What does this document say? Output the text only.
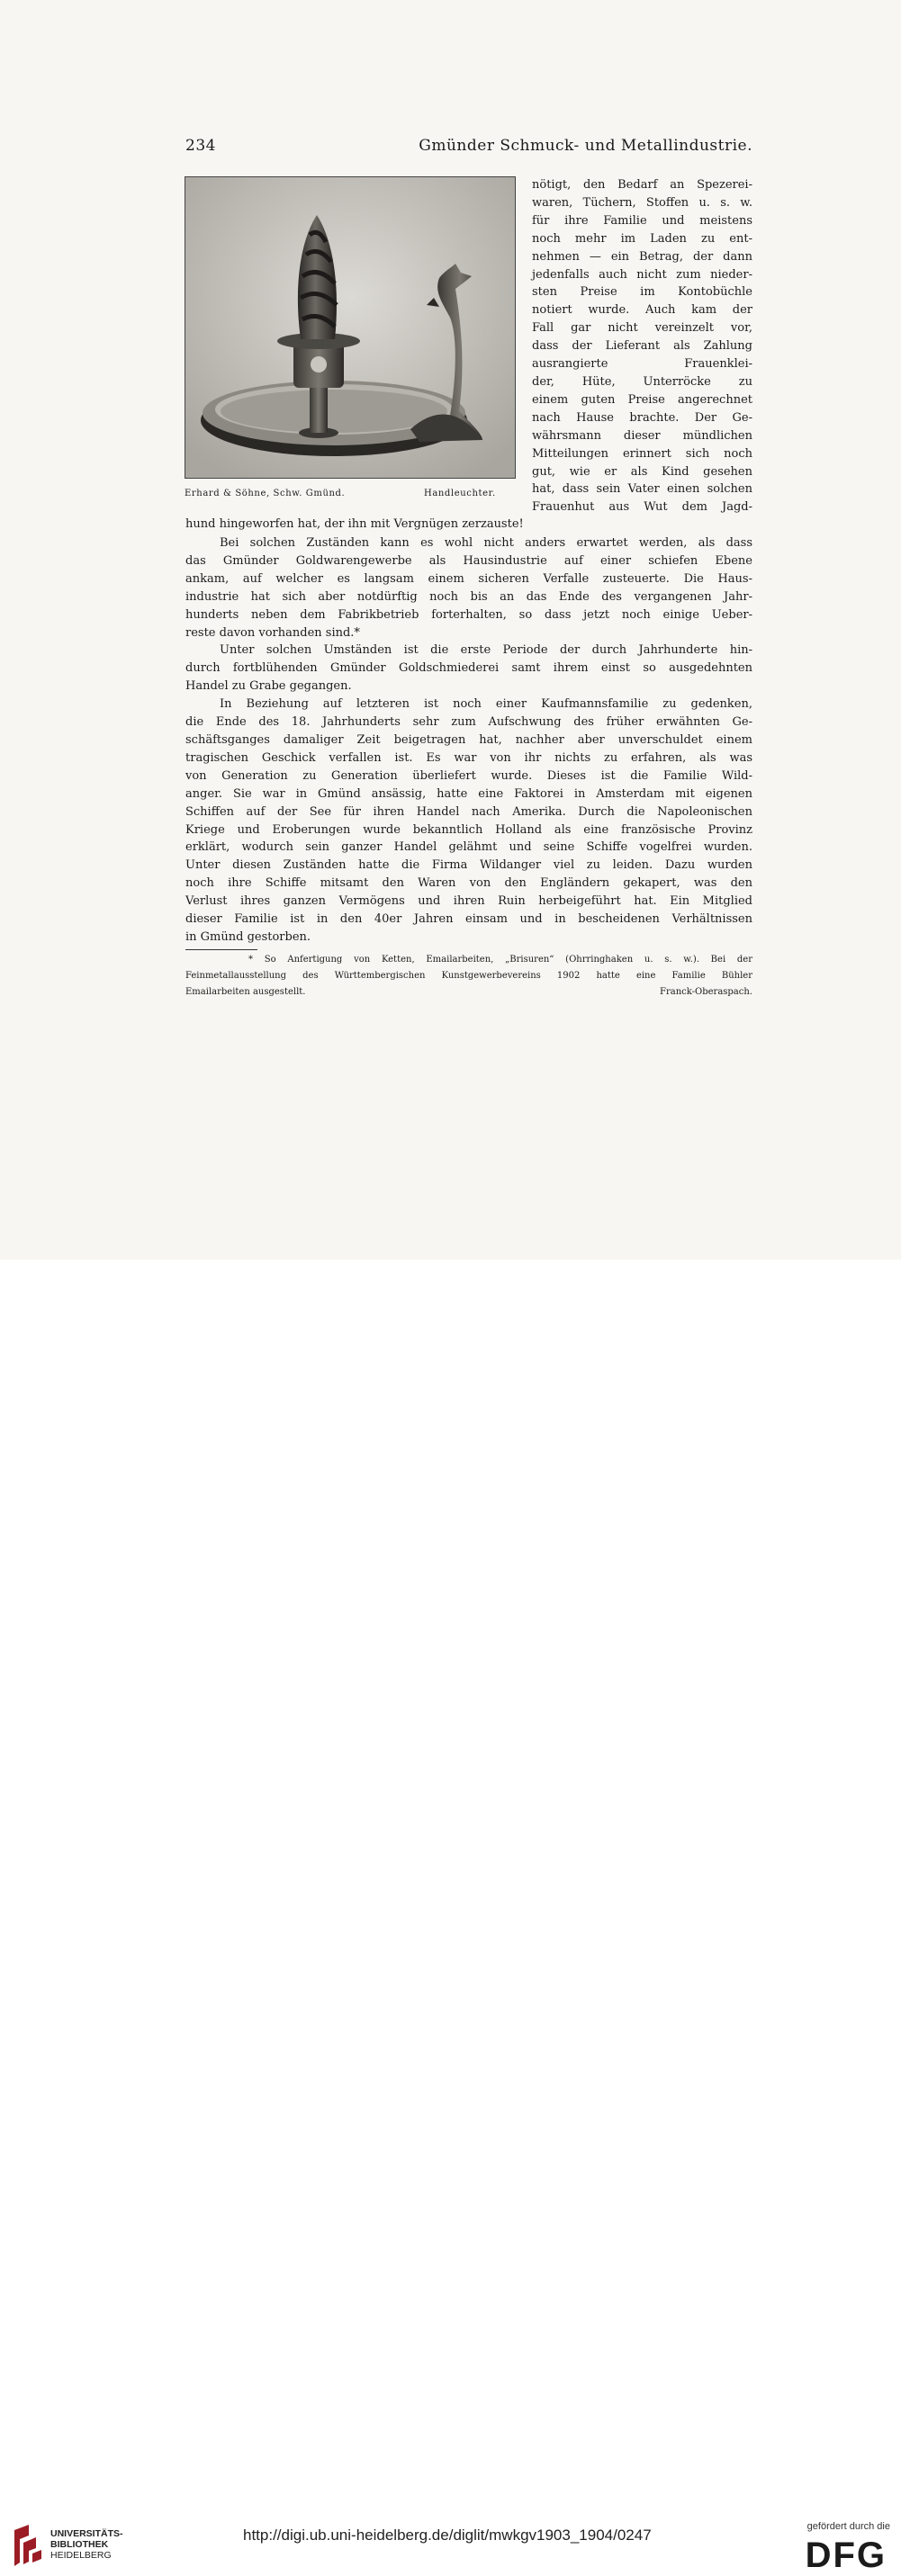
234	Gmünder Schmuck- und Metallindustrie.
Erhard & Söhne, Schw. Gmünd.	Handleuchter.
nötigt, den Bedarf an Spezerei-
waren, Tüchern, Stoffen u. s. w.
für ihre Familie und meistens
noch mehr im Laden zu ent-
nehmen — ein Betrag, der dann
jedenfalls auch nicht zum nieder-
sten Preise im Kontobüchle
notiert wurde. Auch kam der
Fall gar nicht vereinzelt vor,
dass der Lieferant als Zahlung
ausrangierte Frauenklei-
der, Hüte, Unterröcke zu
einem guten Preise angerechnet
nach Hause brachte. Der Ge-
währsmann dieser mündlichen
Mitteilungen erinnert sich noch
gut, wie er als Kind gesehen
hat, dass sein Vater einen solchen
Frauenhut aus Wut dem Jagd-
hund hingeworfen hat, der ihn mit Vergnügen zerzauste!
Bei solchen Zuständen kann es wohl nicht anders erwartet werden, als dass
das Gmünder Goldwarengewerbe als Hausindustrie auf einer schiefen Ebene
ankam, auf welcher es langsam einem sicheren Verfalle zusteuerte. Die Haus-
industrie hat sich aber notdürftig noch bis an das Ende des vergangenen Jahr-
hunderts neben dem Fabrikbetrieb forterhalten, so dass jetzt noch einige Ueber-
reste davon vorhanden sind.*
Unter solchen Umständen ist die erste Periode der durch Jahrhunderte hin-
durch fortblühenden Gmünder Goldschmiederei samt ihrem einst so ausgedehnten
Handel zu Grabe gegangen.
In Beziehung auf letzteren ist noch einer Kaufmannsfamilie zu gedenken,
die Ende des 18. Jahrhunderts sehr zum Aufschwung des früher erwähnten Ge-
schäftsganges damaliger Zeit beigetragen hat, nachher aber unverschuldet einem
tragischen Geschick verfallen ist. Es war von ihr nichts zu erfahren, als was
von Generation zu Generation überliefert wurde. Dieses ist die Familie Wild-
anger. Sie war in Gmünd ansässig, hatte eine Faktorei in Amsterdam mit eigenen
Schiffen auf der See für ihren Handel nach Amerika. Durch die Napoleonischen
Kriege und Eroberungen wurde bekanntlich Holland als eine französische Provinz
erklärt, wodurch sein ganzer Handel gelähmt und seine Schiffe vogelfrei wurden.
Unter diesen Zuständen hatte die Firma Wildanger viel zu leiden. Dazu wurden
noch ihre Schiffe mitsamt den Waren von den Engländern gekapert, was den
Verlust ihres ganzen Vermögens und ihren Ruin herbeigeführt hat. Ein Mitglied
dieser Familie ist in den 40er Jahren einsam und in bescheidenen Verhältnissen
in Gmünd gestorben.
* So Anfertigung von Ketten, Emailarbeiten, „Brisuren“ (Ohrringhaken u. s. w.). Bei der
Feinmetallausstellung des Württembergischen Kunstgewerbevereins 1902 hatte eine Familie Bühler
Emailarbeiten ausgestellt.	Franck-Oberaspach.
UNIVERSITÄTS-
BIBLIOTHEK
HEIDELBERG
http://digi.ub.uni-heidelberg.de/diglit/mwkgv1903_1904/0247	gefördert durch die
DFG
